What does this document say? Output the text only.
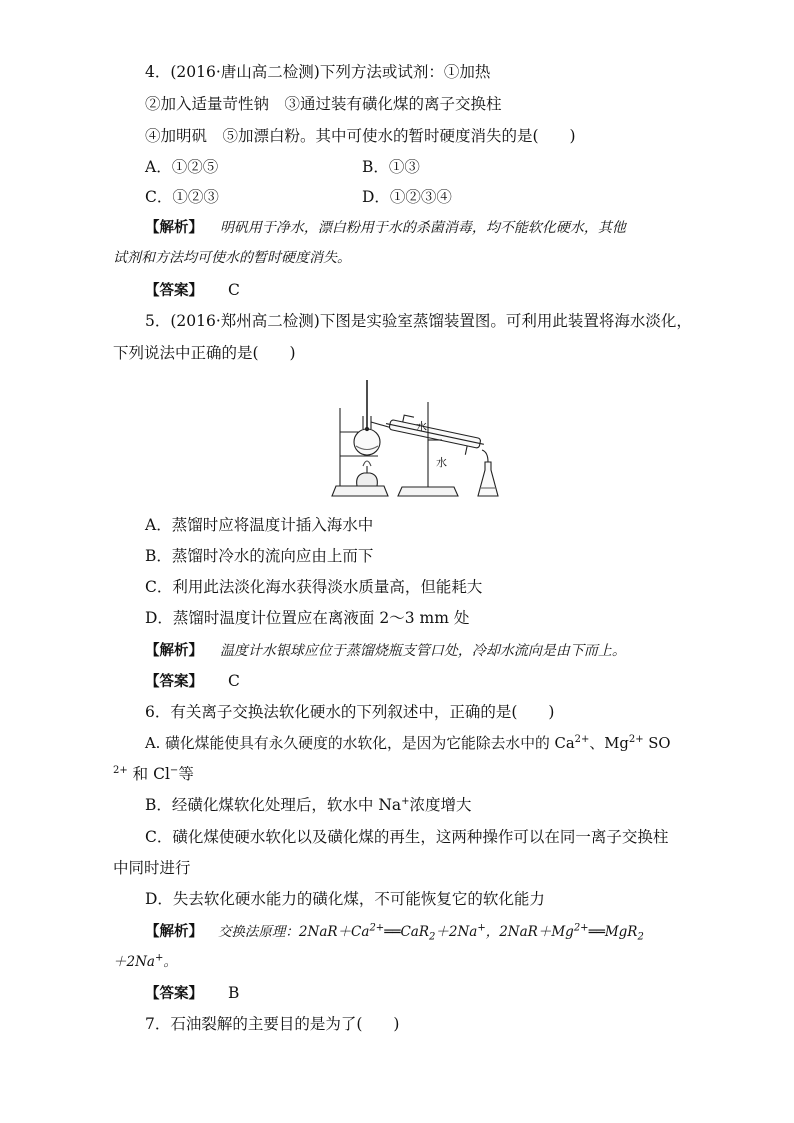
4．(2016·唐山高二检测)下列方法或试剂：①加热
②加入适量苛性钠　③通过装有磺化煤的离子交换柱
④加明矾　⑤加漂白粉。其中可使水的暂时硬度消失的是(　　)
A．①②⑤	B．①③
C．①②③	D．①②③④
【解析】 明矾用于净水，漂白粉用于水的杀菌消毒，均不能软化硬水，其他
试剂和方法均可使水的暂时硬度消失。
【答案】 C
5．(2016·郑州高二检测)下图是实验室蒸馏装置图。可利用此装置将海水淡化，
下列说法中正确的是(　　)
水
水
A．蒸馏时应将温度计插入海水中
B．蒸馏时冷水的流向应由上而下
C．利用此法淡化海水获得淡水质量高，但能耗大
D．蒸馏时温度计位置应在离液面 2～3 mm 处
【解析】 温度计水银球应位于蒸馏烧瓶支管口处，冷却水流向是由下而上。
【答案】 C
6．有关离子交换法软化硬水的下列叙述中，正确的是(　　)
A. 磺化煤能使具有永久硬度的水软化，是因为它能除去水中的 $Ca^{2+}$、$Mg^{2+}$ SO
$^{2+}$ 和 Cl−等
B．经磺化煤软化处理后，软水中 Na+浓度增大
C．磺化煤使硬水软化以及磺化煤的再生，这两种操作可以在同一离子交换柱
中同时进行
D．失去软化硬水能力的磺化煤，不可能恢复它的软化能力
【解析】 交换法原理：$2NaR+Ca^{2+}══CaR_2+2Na^+$，$2NaR+Mg^{2+}══MgR_2$
＋2Na+。
【答案】 B
7．石油裂解的主要目的是为了(　　)
